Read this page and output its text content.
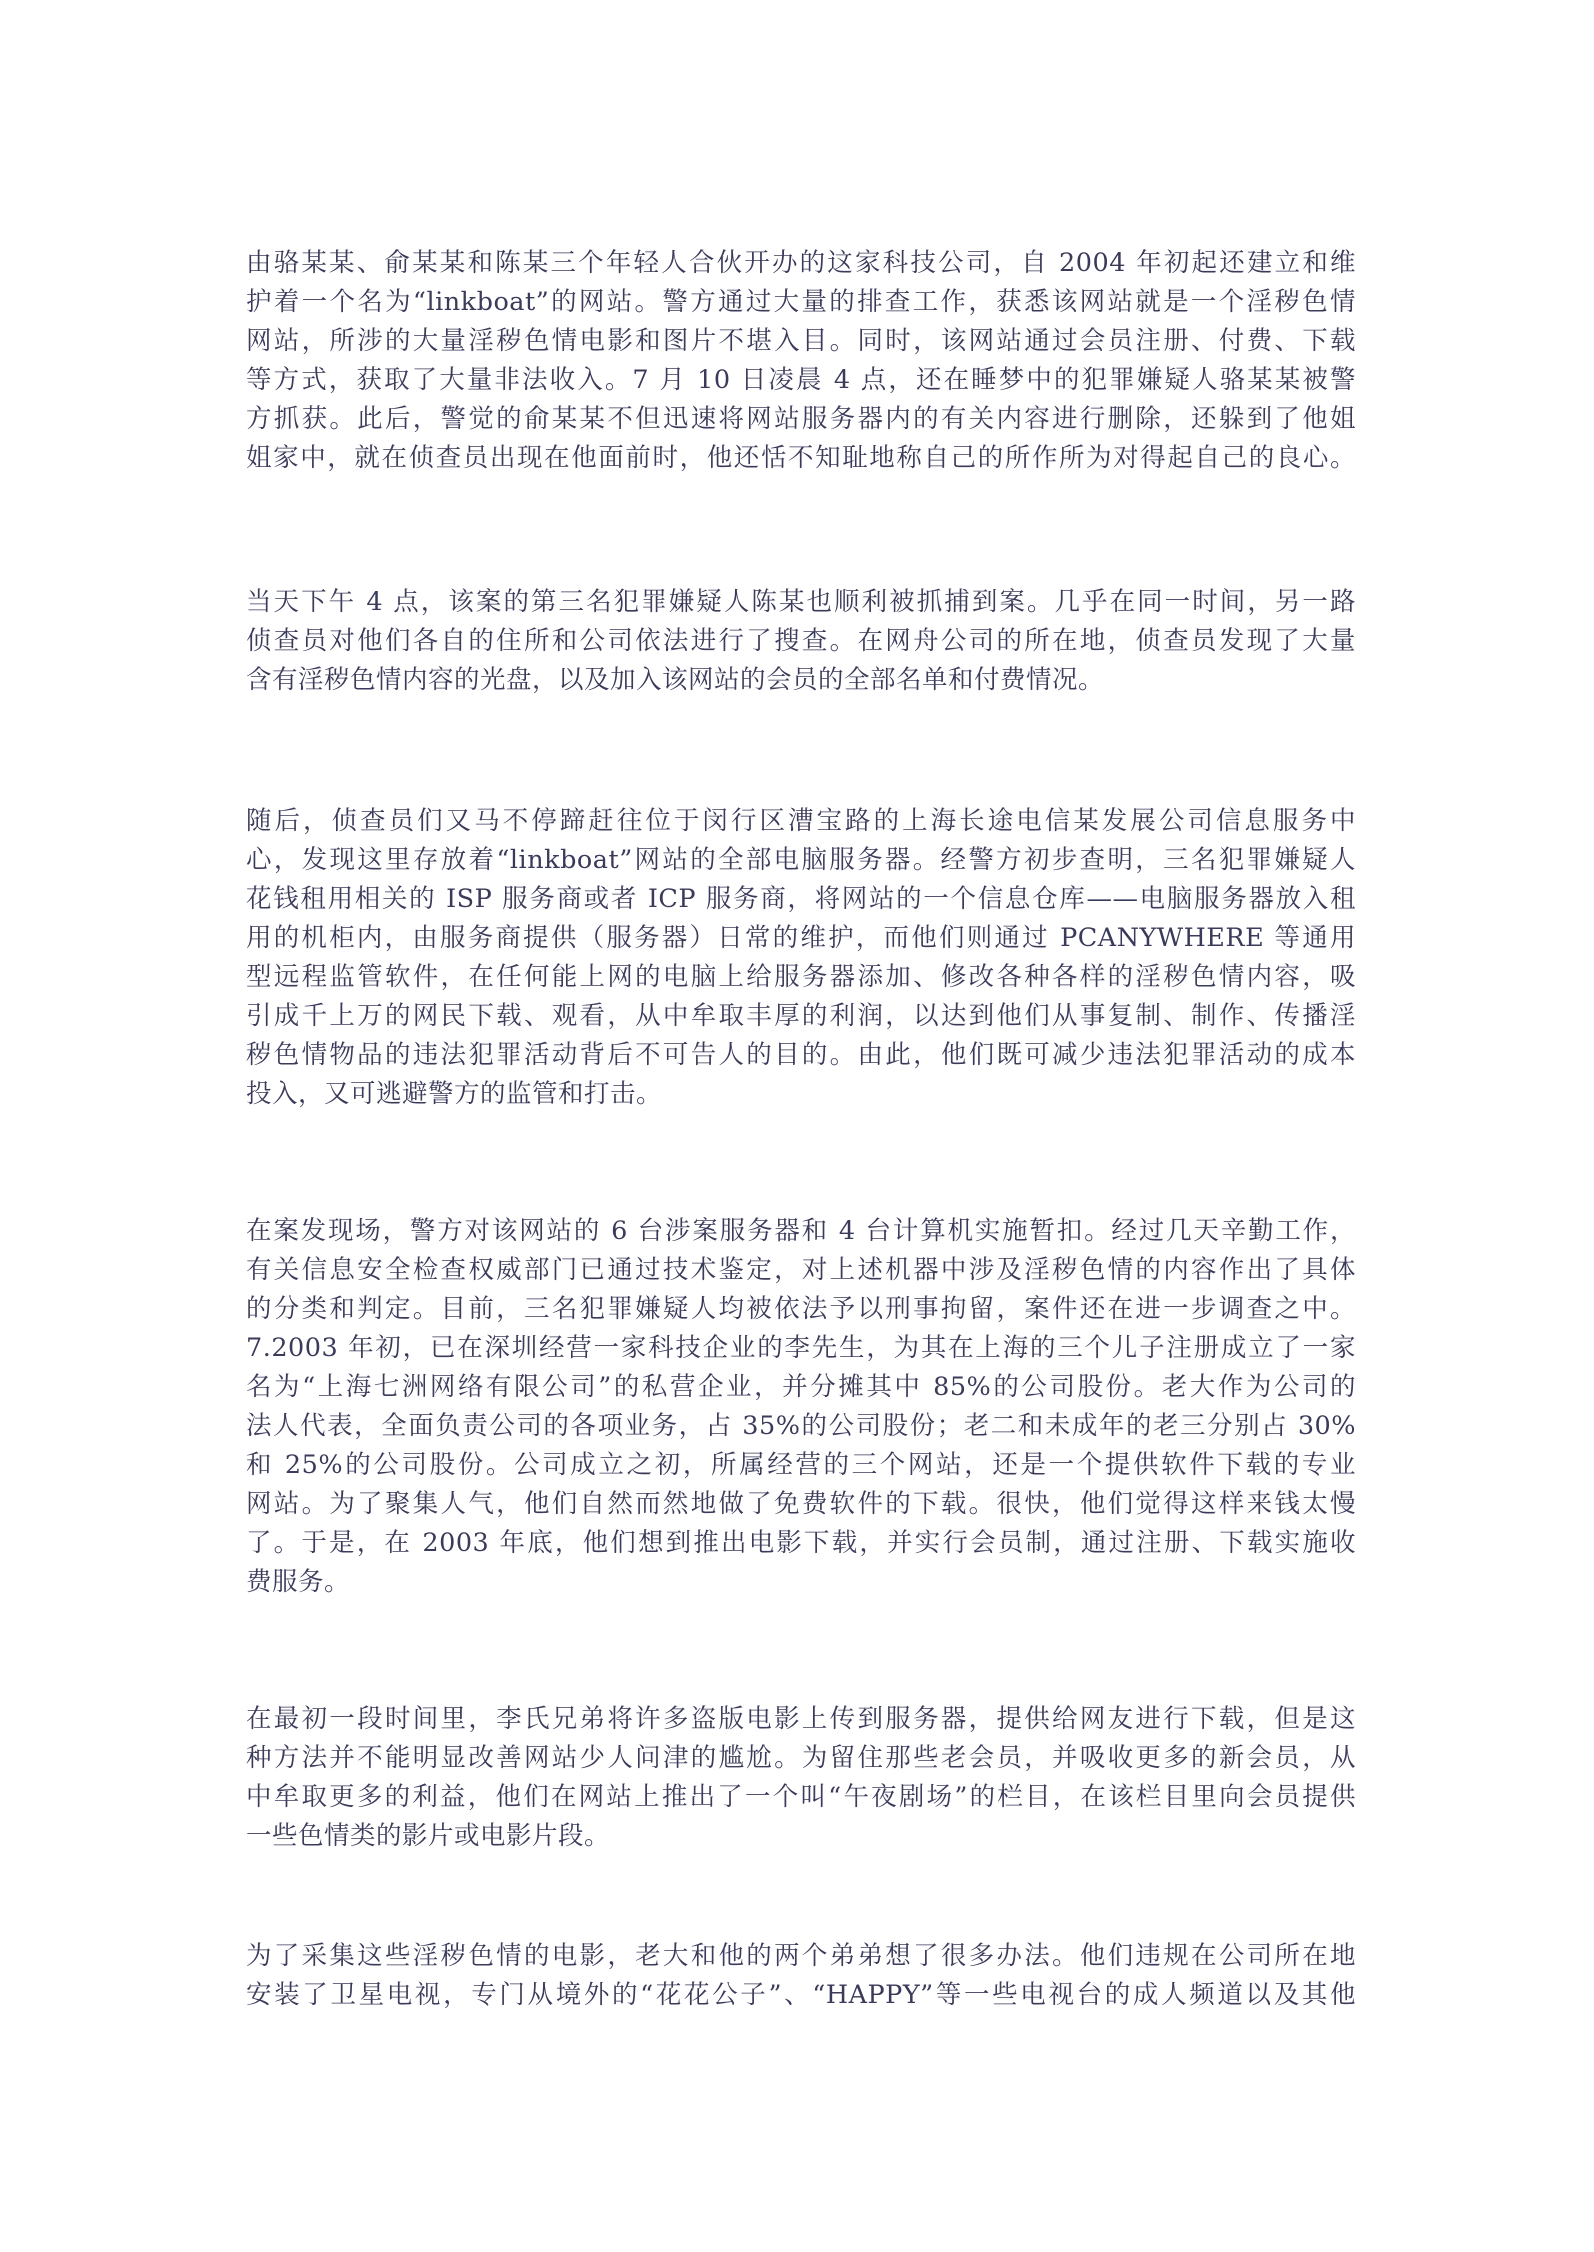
由骆某某、俞某某和陈某三个年轻人合伙开办的这家科技公司，自 2004 年初起还建立和维
护着一个名为“linkboat”的网站。警方通过大量的排查工作，获悉该网站就是一个淫秽色情
网站，所涉的大量淫秽色情电影和图片不堪入目。同时，该网站通过会员注册、付费、下载
等方式，获取了大量非法收入。7 月 10 日凌晨 4 点，还在睡梦中的犯罪嫌疑人骆某某被警
方抓获。此后，警觉的俞某某不但迅速将网站服务器内的有关内容进行删除，还躲到了他姐
姐家中，就在侦查员出现在他面前时，他还恬不知耻地称自己的所作所为对得起自己的良心。
当天下午 4 点，该案的第三名犯罪嫌疑人陈某也顺利被抓捕到案。几乎在同一时间，另一路
侦查员对他们各自的住所和公司依法进行了搜查。在网舟公司的所在地，侦查员发现了大量
含有淫秽色情内容的光盘，以及加入该网站的会员的全部名单和付费情况。
随后，侦查员们又马不停蹄赶往位于闵行区漕宝路的上海长途电信某发展公司信息服务中
心，发现这里存放着“linkboat”网站的全部电脑服务器。经警方初步查明，三名犯罪嫌疑人
花钱租用相关的 ISP 服务商或者 ICP 服务商，将网站的一个信息仓库——电脑服务器放入租
用的机柜内，由服务商提供（服务器）日常的维护，而他们则通过 PCANYWHERE 等通用
型远程监管软件，在任何能上网的电脑上给服务器添加、修改各种各样的淫秽色情内容，吸
引成千上万的网民下载、观看，从中牟取丰厚的利润，以达到他们从事复制、制作、传播淫
秽色情物品的违法犯罪活动背后不可告人的目的。由此，他们既可减少违法犯罪活动的成本
投入，又可逃避警方的监管和打击。
在案发现场，警方对该网站的 6 台涉案服务器和 4 台计算机实施暂扣。经过几天辛勤工作，
有关信息安全检查权威部门已通过技术鉴定，对上述机器中涉及淫秽色情的内容作出了具体
的分类和判定。目前，三名犯罪嫌疑人均被依法予以刑事拘留，案件还在进一步调查之中。
7.2003 年初，已在深圳经营一家科技企业的李先生，为其在上海的三个儿子注册成立了一家
名为“上海七洲网络有限公司”的私营企业，并分摊其中 85%的公司股份。老大作为公司的
法人代表，全面负责公司的各项业务，占 35%的公司股份；老二和未成年的老三分别占 30%
和 25%的公司股份。公司成立之初，所属经营的三个网站，还是一个提供软件下载的专业
网站。为了聚集人气，他们自然而然地做了免费软件的下载。很快，他们觉得这样来钱太慢
了。于是，在 2003 年底，他们想到推出电影下载，并实行会员制，通过注册、下载实施收
费服务。
在最初一段时间里，李氏兄弟将许多盗版电影上传到服务器，提供给网友进行下载，但是这
种方法并不能明显改善网站少人问津的尴尬。为留住那些老会员，并吸收更多的新会员，从
中牟取更多的利益，他们在网站上推出了一个叫“午夜剧场”的栏目，在该栏目里向会员提供
一些色情类的影片或电影片段。
为了采集这些淫秽色情的电影，老大和他的两个弟弟想了很多办法。他们违规在公司所在地
安装了卫星电视，专门从境外的“花花公子”、“HAPPY”等一些电视台的成人频道以及其他
